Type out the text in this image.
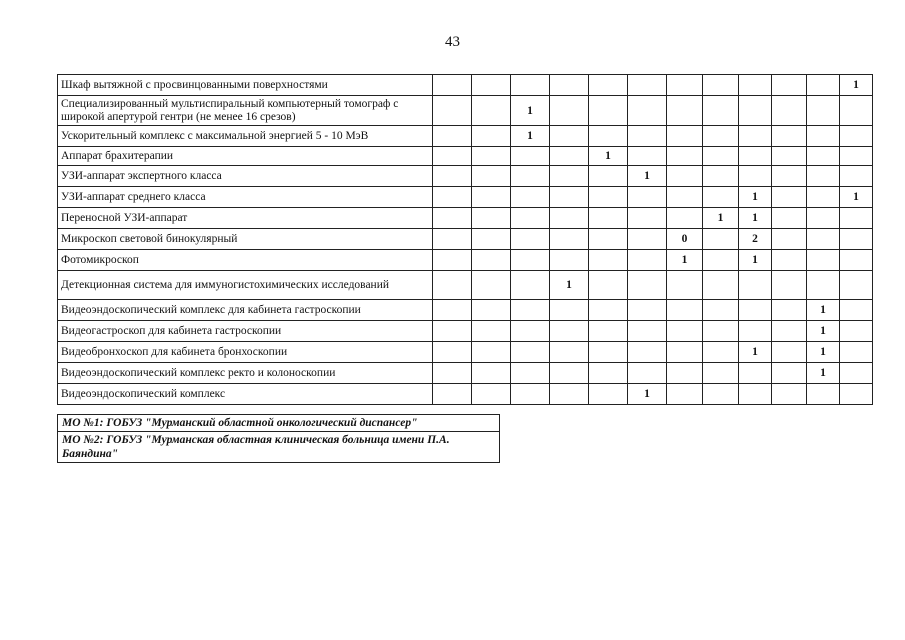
43
Шкаф вытяжной с просвинцованными поверхностями												1
Специализированный мультиспиральный компьютерный томограф с широкой апертурой гентри (не менее 16 срезов)			1									
Ускорительный комплекс с максимальной энергией 5 - 10 МэВ			1									
Аппарат брахитерапии					1							
УЗИ-аппарат экспертного класса						1						
УЗИ-аппарат среднего класса									1			1
Переносной УЗИ-аппарат								1	1			
Микроскоп световой бинокулярный							0		2			
Фотомикроскоп							1		1			
Детекционная система для иммуногистохимических исследований				1								
Видеоэндоскопический комплекс для кабинета гастроскопии											1	
Видеогастроскоп для кабинета гастроскопии											1	
Видеобронхоскоп для кабинета бронхоскопии									1		1	
Видеоэндоскопический комплекс ректо и колоноскопии											1	
Видеоэндоскопический комплекс						1						
МО №1: ГОБУЗ "Мурманский областной онкологический диспансер"
МО №2: ГОБУЗ "Мурманская областная клиническая больница имени П.А. Баяндина"
